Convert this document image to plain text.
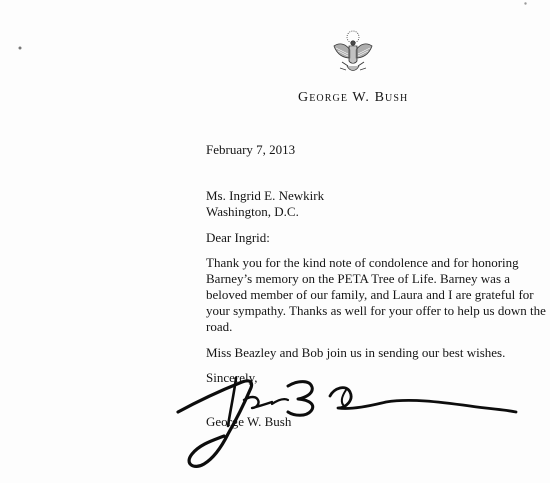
George W. Bush
February 7, 2013
Ms. Ingrid E. Newkirk
Washington, D.C.
Dear Ingrid:
Thank you for the kind note of condolence and for honoring
Barney’s memory on the PETA Tree of Life. Barney was a
beloved member of our family, and Laura and I are grateful for
your sympathy. Thanks as well for your offer to help us down the
road.
Miss Beazley and Bob join us in sending our best wishes.
Sincerely,
George W. Bush
